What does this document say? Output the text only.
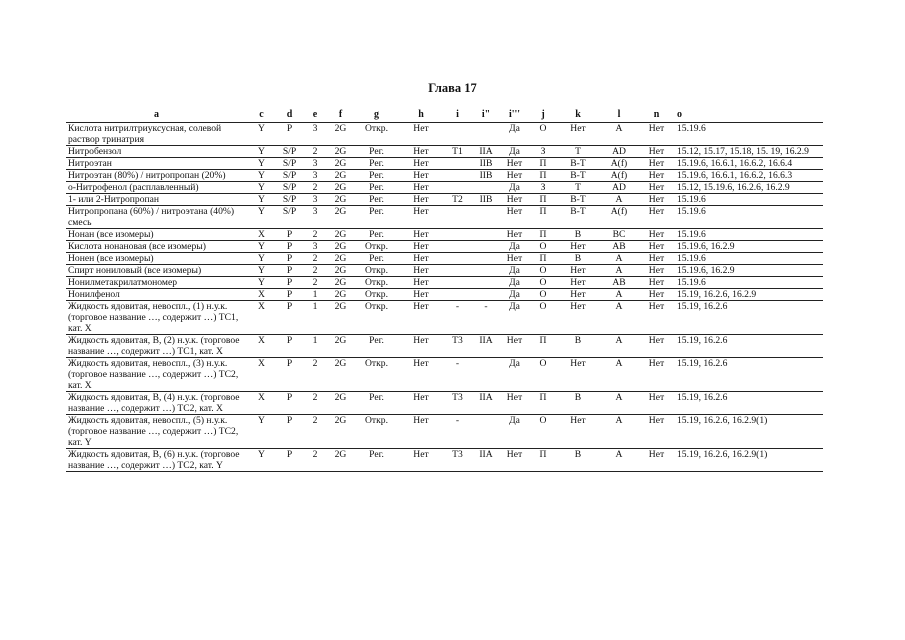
Глава 17
a	c	d	e	f	g	h	i	i"	i'''	j	k	l	n	o
Кислота нитрилтриуксусная, солевой раствор тринатрия	Y	P	3	2G	Откр.	Нет			Да	О	Нет	А	Нет	15.19.6
Нитробензол	Y	S/P	2	2G	Рег.	Нет	T1	IIA	Да	З	Т	AD	Нет	15.12, 15.17, 15.18, 15. 19, 16.2.9
Нитроэтан	Y	S/P	3	2G	Рег.	Нет		IIB	Нет	П	В-Т	A(f)	Нет	15.19.6, 16.6.1, 16.6.2, 16.6.4
Нитроэтан (80%) / нитропропан (20%)	Y	S/P	3	2G	Рег.	Нет		IIB	Нет	П	В-Т	A(f)	Нет	15.19.6, 16.6.1, 16.6.2, 16.6.3
о-Нитрофенол (расплавленный)	Y	S/P	2	2G	Рег.	Нет			Да	З	Т	AD	Нет	15.12, 15.19.6, 16.2.6, 16.2.9
1- или 2-Нитропропан	Y	S/P	3	2G	Рег.	Нет	T2	IIB	Нет	П	В-Т	А	Нет	15.19.6
Нитропропана (60%) / нитроэтана (40%) смесь	Y	S/P	3	2G	Рег.	Нет			Нет	П	В-Т	A(f)	Нет	15.19.6
Нонан (все изомеры)	X	P	2	2G	Рег.	Нет			Нет	П	В	ВС	Нет	15.19.6
Кислота нонановая (все изомеры)	Y	P	3	2G	Откр.	Нет			Да	О	Нет	AB	Нет	15.19.6, 16.2.9
Нонен (все изомеры)	Y	P	2	2G	Рег.	Нет			Нет	П	В	А	Нет	15.19.6
Спирт нониловый (все изомеры)	Y	P	2	2G	Откр.	Нет			Да	О	Нет	А	Нет	15.19.6, 16.2.9
Нонилметакрилатмономер	Y	P	2	2G	Откр.	Нет			Да	О	Нет	AB	Нет	15.19.6
Нонилфенол	X	P	1	2G	Откр.	Нет			Да	О	Нет	А	Нет	15.19, 16.2.6, 16.2.9
Жидкость ядовитая, невоспл., (1) н.у.к. (торговое название …, содержит …) ТС1, кат. X	X	P	1	2G	Откр.	Нет	-	-	Да	О	Нет	А	Нет	15.19, 16.2.6
Жидкость ядовитая, В, (2) н.у.к. (торговое название …, содержит …) ТС1, кат. X	X	P	1	2G	Рег.	Нет	T3	IIA	Нет	П	В	А	Нет	15.19, 16.2.6
Жидкость ядовитая, невоспл., (3) н.у.к. (торговое название …, содержит …) ТС2, кат. X	X	P	2	2G	Откр.	Нет	-		Да	О	Нет	А	Нет	15.19, 16.2.6
Жидкость ядовитая, В, (4) н.у.к. (торговое название …, содержит …) ТС2, кат. X	X	P	2	2G	Рег.	Нет	T3	IIA	Нет	П	В	А	Нет	15.19, 16.2.6
Жидкость ядовитая, невоспл., (5) н.у.к. (торговое название …, содержит …) ТС2, кат. Y	Y	P	2	2G	Откр.	Нет	-		Да	О	Нет	А	Нет	15.19, 16.2.6, 16.2.9(1)
Жидкость ядовитая, В, (6) н.у.к. (торговое название …, содержит …) ТС2, кат. Y	Y	P	2	2G	Рег.	Нет	T3	IIA	Нет	П	В	А	Нет	15.19, 16.2.6, 16.2.9(1)
